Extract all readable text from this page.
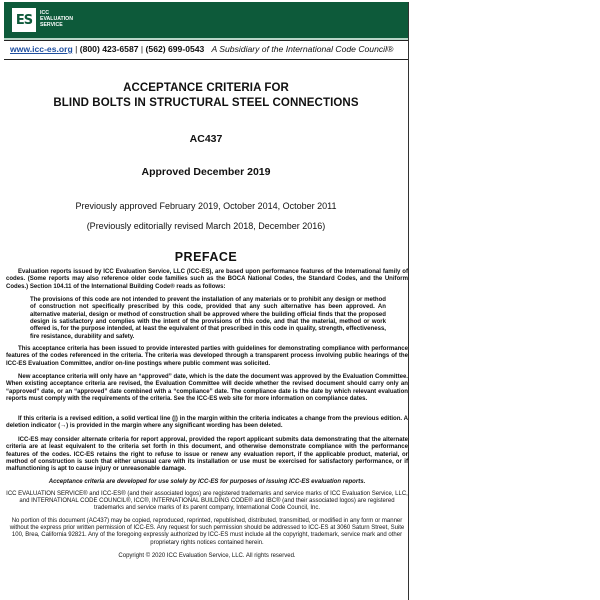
ES ICC
EVALUATION
SERVICE
www.icc-es.org | (800) 423-6587 | (562) 699-0543 A Subsidiary of the International Code Council®
ACCEPTANCE CRITERIA FOR
BLIND BOLTS IN STRUCTURAL STEEL CONNECTIONS
AC437
Approved December 2019
Previously approved February 2019, October 2014, October 2011
(Previously editorially revised March 2018, December 2016)
PREFACE

Evaluation reports issued by ICC Evaluation Service, LLC (ICC-ES), are based upon performance features of the International family of codes. (Some reports may also reference older code families such as the BOCA National Codes, the Standard Codes, and the Uniform Codes.) Section 104.11 of the International Building Code® reads as follows:

The provisions of this code are not intended to prevent the installation of any materials or to prohibit any design or method of construction not specifically prescribed by this code, provided that any such alternative has been approved. An alternative material, design or method of construction shall be approved where the building official finds that the proposed design is satisfactory and complies with the intent of the provisions of this code, and that the material, method or work offered is, for the purpose intended, at least the equivalent of that prescribed in this code in quality, strength, effectiveness, fire resistance, durability and safety.

This acceptance criteria has been issued to provide interested parties with guidelines for demonstrating compliance with performance features of the codes referenced in the criteria. The criteria was developed through a transparent process involving public hearings of the ICC-ES Evaluation Committee, and/or on-line postings where public comment was solicited.

New acceptance criteria will only have an “approved” date, which is the date the document was approved by the Evaluation Committee. When existing acceptance criteria are revised, the Evaluation Committee will decide whether the revised document should carry only an “approved” date, or an “approved” date combined with a “compliance” date. The compliance date is the date by which relevant evaluation reports must comply with the requirements of the criteria. See the ICC-ES web site for more information on compliance dates.

If this criteria is a revised edition, a solid vertical line (|) in the margin within the criteria indicates a change from the previous edition. A deletion indicator (→) is provided in the margin where any significant wording has been deleted.

ICC-ES may consider alternate criteria for report approval, provided the report applicant submits data demonstrating that the alternate criteria are at least equivalent to the criteria set forth in this document, and otherwise demonstrate compliance with the performance features of the codes. ICC-ES retains the right to refuse to issue or renew any evaluation report, if the applicable product, material, or method of construction is such that either unusual care with its installation or use must be exercised for satisfactory performance, or if malfunctioning is apt to cause injury or unreasonable damage.

Acceptance criteria are developed for use solely by ICC-ES for purposes of issuing ICC-ES evaluation reports.

ICC EVALUATION SERVICE® and ICC-ES® (and their associated logos) are registered trademarks and service marks of ICC Evaluation Service, LLC, and INTERNATIONAL CODE COUNCIL®, ICC®, INTERNATIONAL BUILDING CODE® and IBC® (and their associated logos) are registered trademarks and service marks of its parent company, International Code Council, Inc.

No portion of this document (AC437) may be copied, reproduced, reprinted, republished, distributed, transmitted, or modified in any form or manner without the express prior written permission of ICC-ES. Any request for such permission should be addressed to ICC-ES at 3060 Saturn Street, Suite 100, Brea, California 92821. Any of the foregoing expressly authorized by ICC-ES must include all the copyright, trademark, service mark and other proprietary rights notices contained herein.

Copyright © 2020 ICC Evaluation Service, LLC. All rights reserved.
